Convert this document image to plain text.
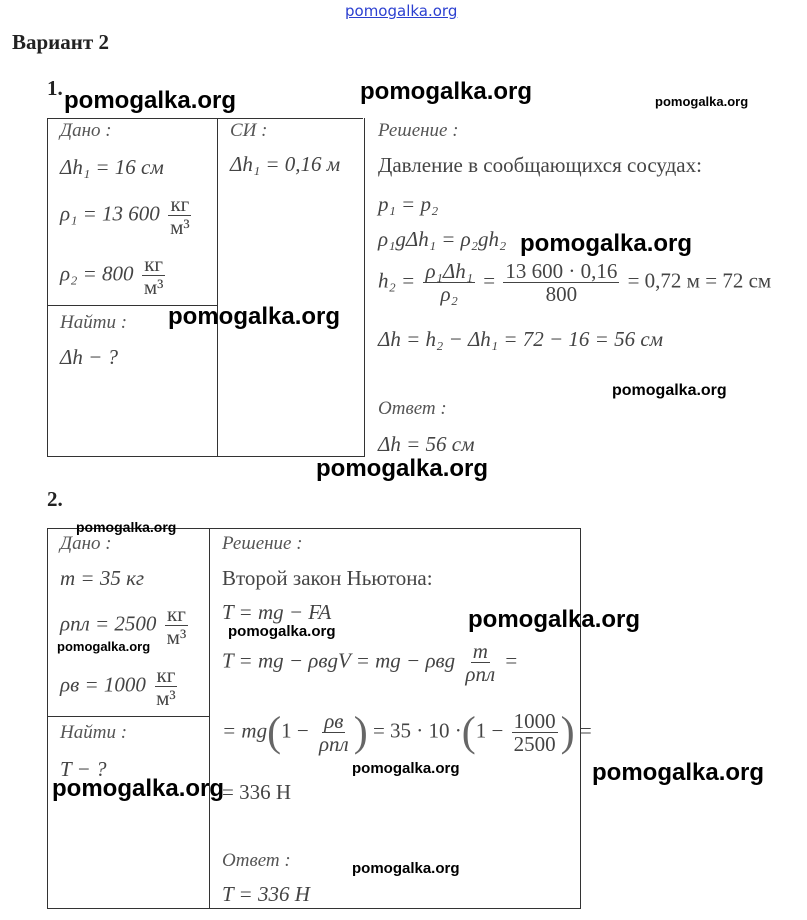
pomogalka.org
Вариант 2
1.
Дано :
Δh₁ = 16 см
ρ₁ = 13 $600 \frac{кг}{\text{м³}}$
$\rho_2 = 800 \frac{кг}{\text{м³}}$
Найти :
Δh − ?
СИ :
Δh₁ = 0,16 м
Решение :
Давление в сообщающихся сосудах:
p₁ = p₂
ρ₁gΔh₁ = ρ₂gh₂
$h_2 = \frac{\text{ρ₁Δh₁}}{\text{ρ₂}} = \frac{13 600 \cdot 0,16}{800} = 0,72$ м = 72 см
Δh = h₂ − Δh₁ = 72 − 16 = 56 см
Ответ :
Δh = 56 см
2.
Дано :
m = 35 кг
$\rho пл = 2500 \frac{кг}{\text{м³}}$
$\rho в = 1000 \frac{кг}{\text{м³}}$
Найти :
T − ?
Решение :
Второй закон Ньютона:
T = mg − FA
T = mg − ρвgV = mg − ρвg $\frac{m}{\text{ρпл}}$ =
= $mg(1 - \frac{\rho в}{\text{ρпл}}$ ) = $35 \cdot 10 \cdot(1 - \frac{1000}{2500}$ ) =
= 336 Н
Ответ :
T = 336 Н
pomogalka.org	pomogalka.org	pomogalka.org
pomogalka.org
pomogalka.org
pomogalka.org
pomogalka.org
pomogalka.org
pomogalka.org
pomogalka.org
pomogalka.org
pomogalka.org
pomogalka.org
pomogalka.org
pomogalka.org
